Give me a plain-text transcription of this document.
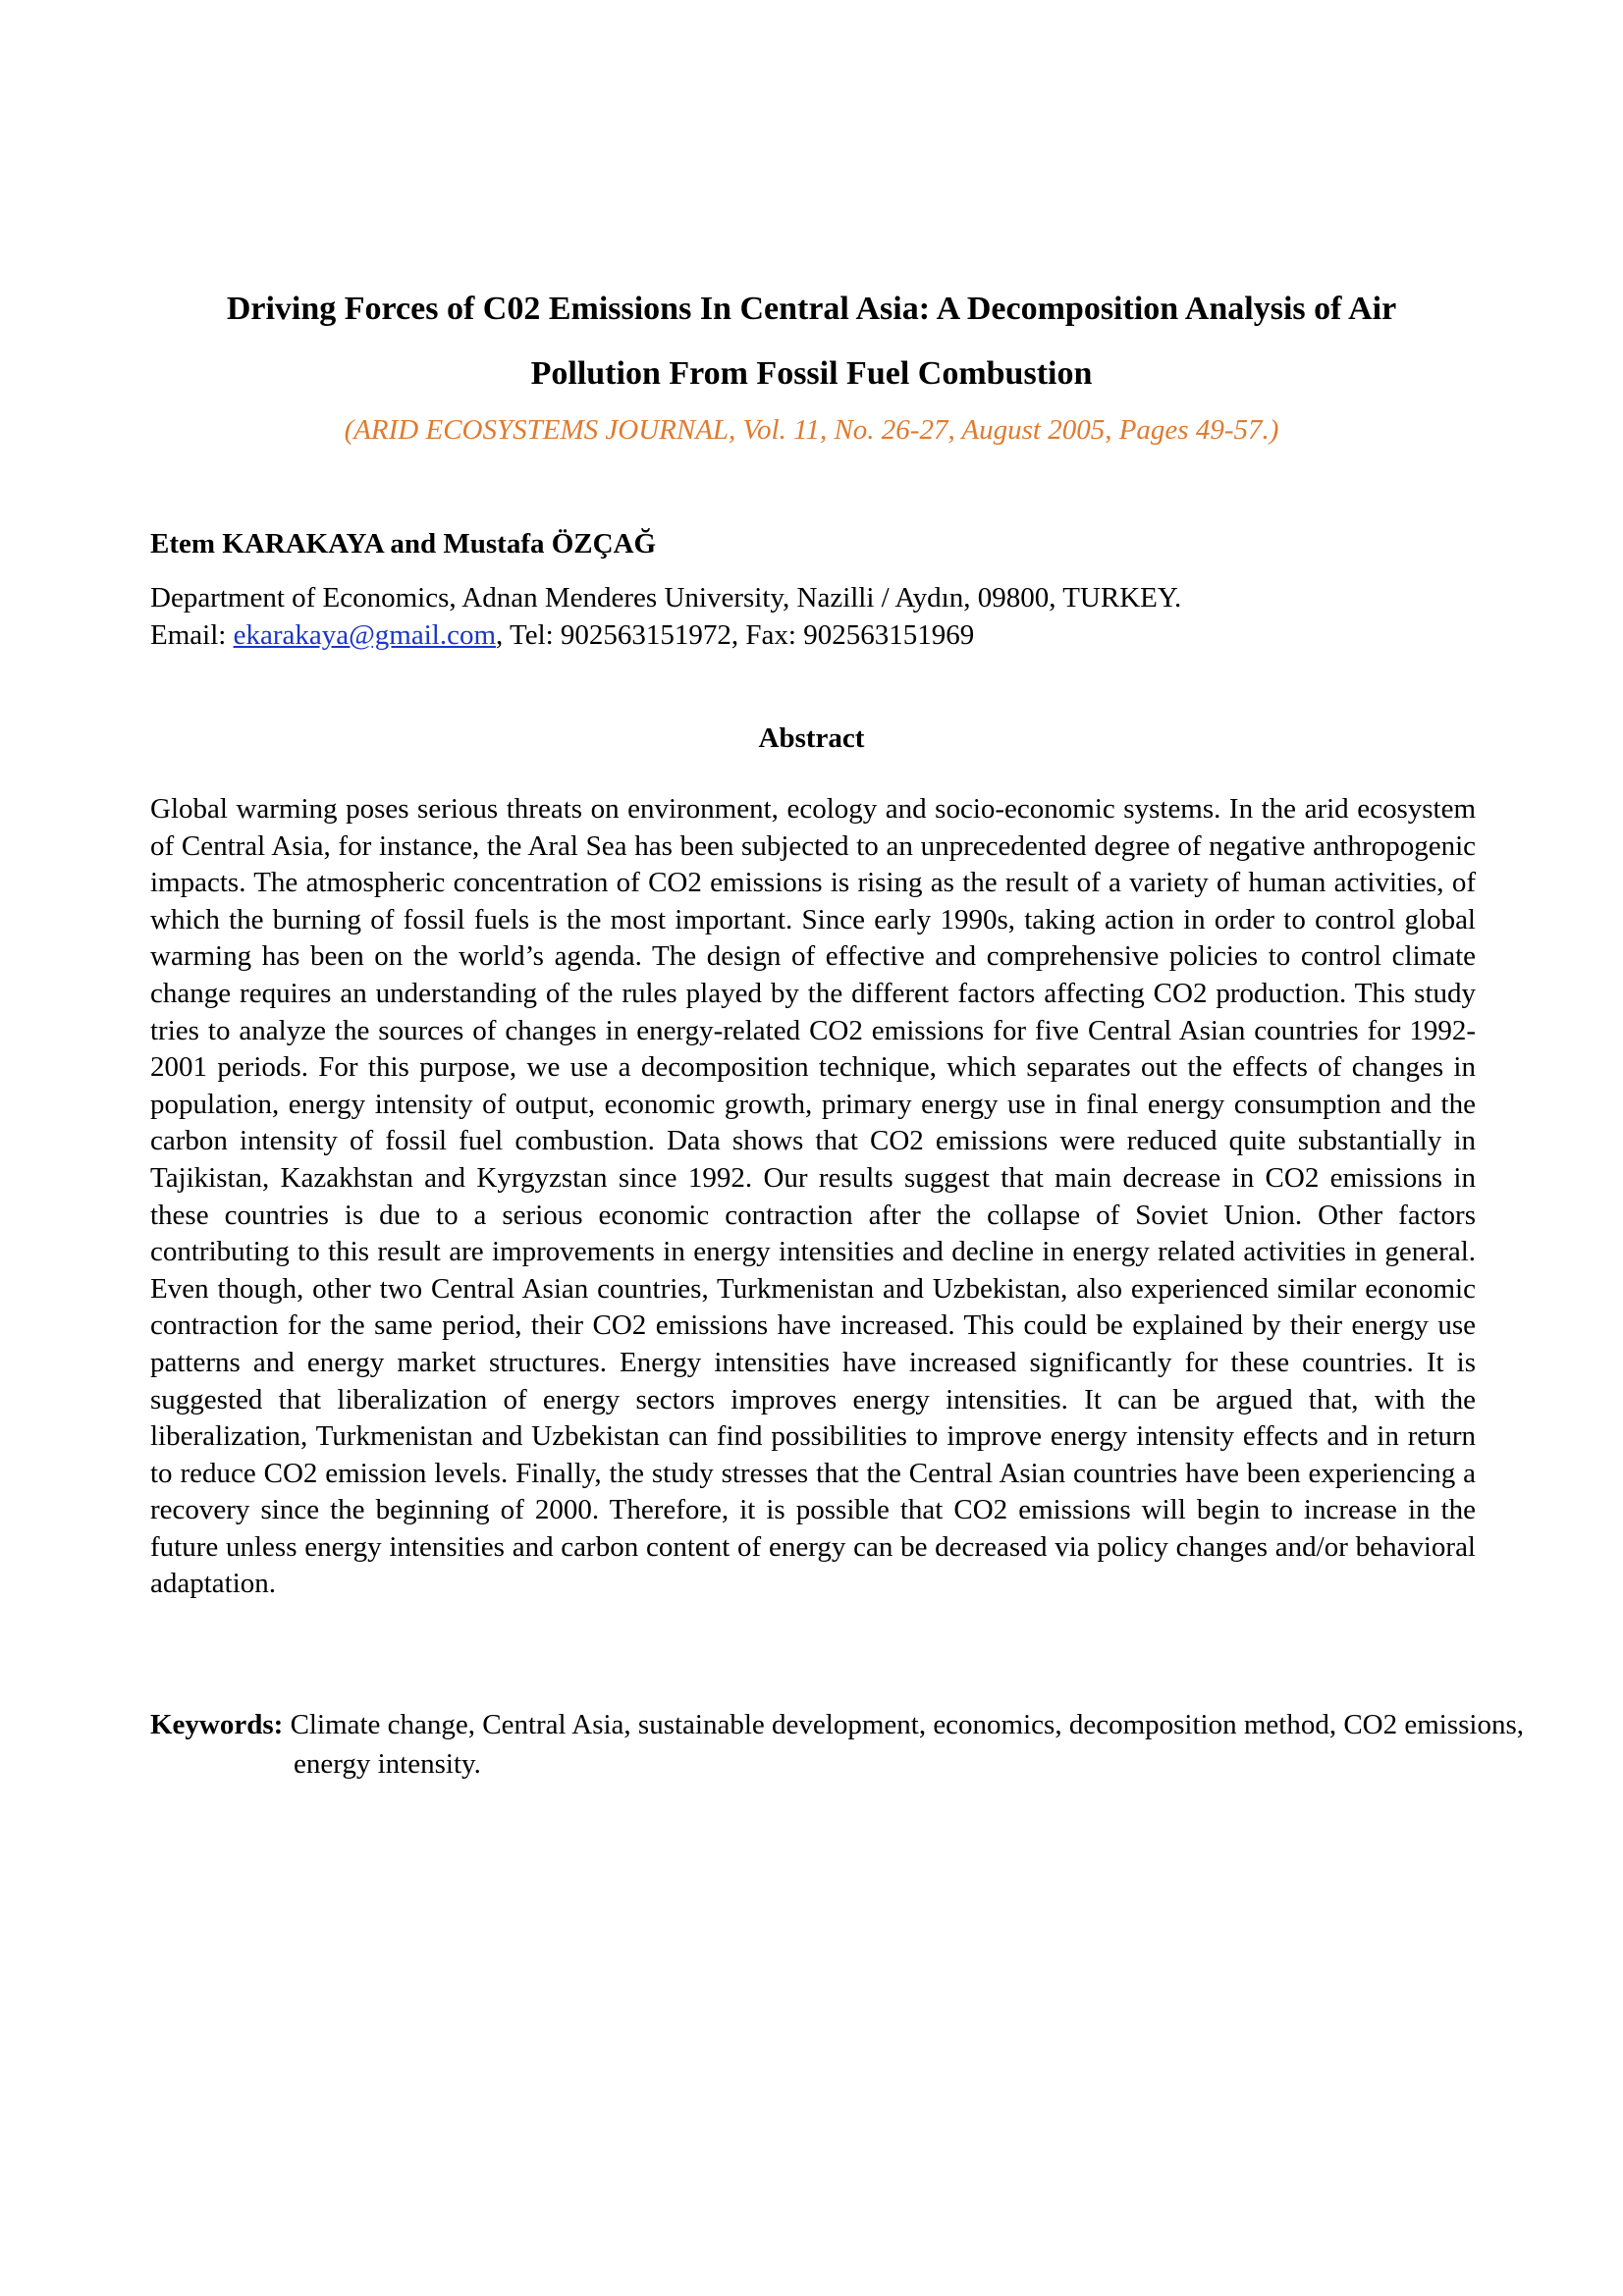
Driving Forces of C02 Emissions In Central Asia: A Decomposition Analysis of Air
Pollution From Fossil Fuel Combustion
(ARID ECOSYSTEMS JOURNAL, Vol. 11, No. 26-27, August 2005, Pages 49-57.)
Etem KARAKAYA and Mustafa ÖZÇAĞ
Department of Economics, Adnan Menderes University, Nazilli / Aydın, 09800, TURKEY.
Email: ekarakaya@gmail.com, Tel: 902563151972, Fax: 902563151969
Abstract

Global warming poses serious threats on environment, ecology and socio-economic systems. In the arid ecosystem of Central Asia, for instance, the Aral Sea has been subjected to an unprecedented degree of negative anthropogenic impacts. The atmospheric concentration of CO2 emissions is rising as the result of a variety of human activities, of which the burning of fossil fuels is the most important. Since early 1990s, taking action in order to control global warming has been on the world’s agenda. The design of effective and comprehensive policies to control climate change requires an understanding of the rules played by the different factors affecting CO2 production. This study tries to analyze the sources of changes in energy-related CO2 emissions for five Central Asian countries for 1992-2001 periods. For this purpose, we use a decomposition technique, which separates out the effects of changes in population, energy intensity of output, economic growth, primary energy use in final energy consumption and the carbon intensity of fossil fuel combustion. Data shows that CO2 emissions were reduced quite substantially in Tajikistan, Kazakhstan and Kyrgyzstan since 1992. Our results suggest that main decrease in CO2 emissions in these countries is due to a serious economic contraction after the collapse of Soviet Union. Other factors contributing to this result are improvements in energy intensities and decline in energy related activities in general. Even though, other two Central Asian countries, Turkmenistan and Uzbekistan, also experienced similar economic contraction for the same period, their CO2 emissions have increased. This could be explained by their energy use patterns and energy market structures. Energy intensities have increased significantly for these countries. It is suggested that liberalization of energy sectors improves energy intensities. It can be argued that, with the liberalization, Turkmenistan and Uzbekistan can find possibilities to improve energy intensity effects and in return to reduce CO2 emission levels. Finally, the study stresses that the Central Asian countries have been experiencing a recovery since the beginning of 2000. Therefore, it is possible that CO2 emissions will begin to increase in the future unless energy intensities and carbon content of energy can be decreased via policy changes and/or behavioral adaptation.

Keywords: Climate change, Central Asia, sustainable development, economics, decomposition method, CO2 emissions, energy intensity.
